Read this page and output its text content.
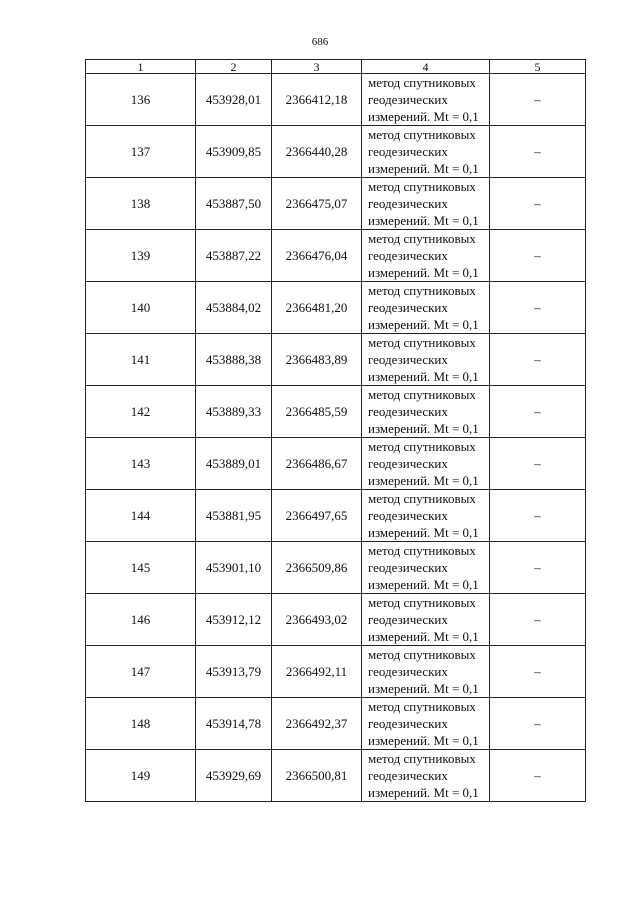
686
1	2	3	4	5
136	453928,01	2366412,18	метод спутниковых
геодезических
измерений. Mt = 0,1	–
137	453909,85	2366440,28	метод спутниковых
геодезических
измерений. Mt = 0,1	–
138	453887,50	2366475,07	метод спутниковых
геодезических
измерений. Mt = 0,1	–
139	453887,22	2366476,04	метод спутниковых
геодезических
измерений. Mt = 0,1	–
140	453884,02	2366481,20	метод спутниковых
геодезических
измерений. Mt = 0,1	–
141	453888,38	2366483,89	метод спутниковых
геодезических
измерений. Mt = 0,1	–
142	453889,33	2366485,59	метод спутниковых
геодезических
измерений. Mt = 0,1	–
143	453889,01	2366486,67	метод спутниковых
геодезических
измерений. Mt = 0,1	–
144	453881,95	2366497,65	метод спутниковых
геодезических
измерений. Mt = 0,1	–
145	453901,10	2366509,86	метод спутниковых
геодезических
измерений. Mt = 0,1	–
146	453912,12	2366493,02	метод спутниковых
геодезических
измерений. Mt = 0,1	–
147	453913,79	2366492,11	метод спутниковых
геодезических
измерений. Mt = 0,1	–
148	453914,78	2366492,37	метод спутниковых
геодезических
измерений. Mt = 0,1	–
149	453929,69	2366500,81	метод спутниковых
геодезических
измерений. Mt = 0,1	–
